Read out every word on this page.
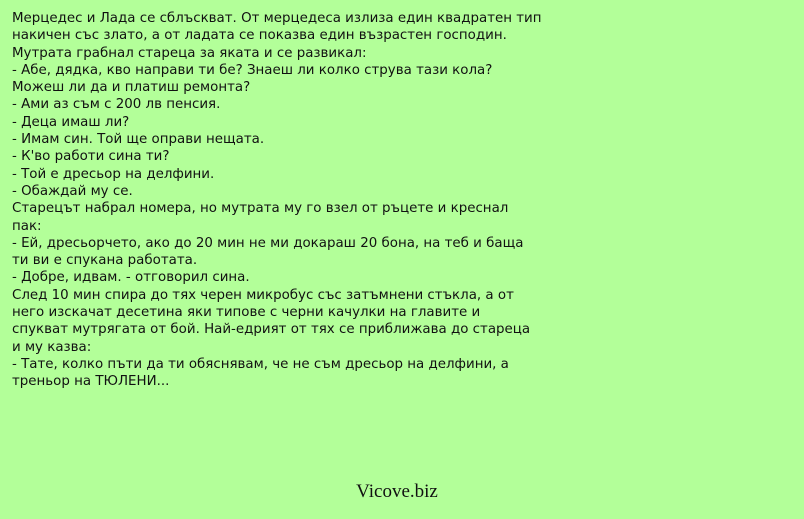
Мерцедес и Лада се сблъскват. От мерцедеса излиза един квадратен тип
накичен със злато, а от ладата се показва един възрастен господин.
Мутрата грабнал стареца за яката и се развикал:
- Абе, дядка, кво направи ти бе? Знаеш ли колко струва тази кола?
Можеш ли да и платиш ремонта?
- Ами аз съм с 200 лв пенсия.
- Деца имаш ли?
- Имам син. Той ще оправи нещата.
- К'во работи сина ти?
- Той е дресьор на делфини.
- Обаждай му се.
Старецът набрал номера, но мутрата му го взел от ръцете и креснал
пак:
- Ей, дресьорчето, ако до 20 мин не ми докараш 20 бона, на теб и баща
ти ви е спукана работата.
- Добре, идвам. - отговорил сина.
След 10 мин спира до тях черен микробус със затъмнени стъкла, а от
него изскачат десетина яки типове с черни качулки на главите и
спукват мутрягата от бой. Най-едрият от тях се приближава до стареца
и му казва:
- Тате, колко пъти да ти обяснявам, че не съм дресьор на делфини, а
треньор на ТЮЛЕНИ...
Vicove.biz
